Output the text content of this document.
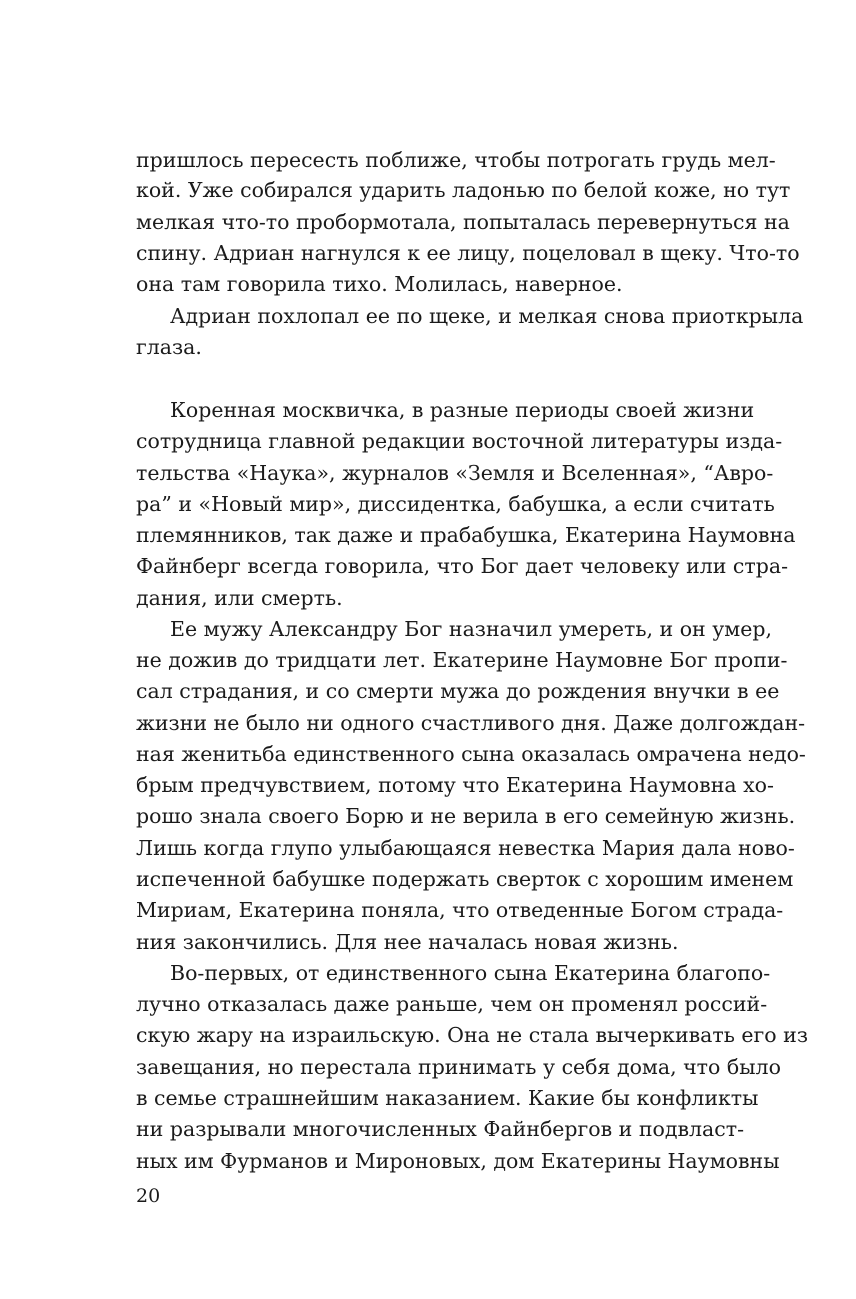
пришлось пересесть поближе, чтобы потрогать грудь мел-

кой. Уже собирался ударить ладонью по белой коже, но тут

мелкая что-то пробормотала, попыталась перевернуться на

спину. Адриан нагнулся к ее лицу, поцеловал в щеку. Что-то

она там говорила тихо. Молилась, наверное.

Адриан похлопал ее по щеке, и мелкая снова приоткрыла

глаза.

Коренная москвичка, в разные периоды своей жизни

сотрудница главной редакции восточной литературы изда-

тельства «Наука», журналов «Земля и Вселенная», “Авро-

ра” и «Новый мир», диссидентка, бабушка, а если считать

племянников, так даже и прабабушка, Екатерина Наумовна

Файнберг всегда говорила, что Бог дает человеку или стра-

дания, или смерть.

Ее мужу Александру Бог назначил умереть, и он умер,

не дожив до тридцати лет. Екатерине Наумовне Бог пропи-

сал страдания, и со смерти мужа до рождения внучки в ее

жизни не было ни одного счастливого дня. Даже долгождан-

ная женитьба единственного сына оказалась омрачена недо-

брым предчувствием, потому что Екатерина Наумовна хо-

рошо знала своего Борю и не верила в его семейную жизнь.

Лишь когда глупо улыбающаяся невестка Мария дала ново-

испеченной бабушке подержать сверток с хорошим именем

Мириам, Екатерина поняла, что отведенные Богом страда-

ния закончились. Для нее началась новая жизнь.

Во-первых, от единственного сына Екатерина благопо-

лучно отказалась даже раньше, чем он променял россий-

скую жару на израильскую. Она не стала вычеркивать его из

завещания, но перестала принимать у себя дома, что было

в семье страшнейшим наказанием. Какие бы конфликты

ни разрывали многочисленных Файнбергов и подвласт-

ных им Фурманов и Мироновых, дом Екатерины Наумовны

20
